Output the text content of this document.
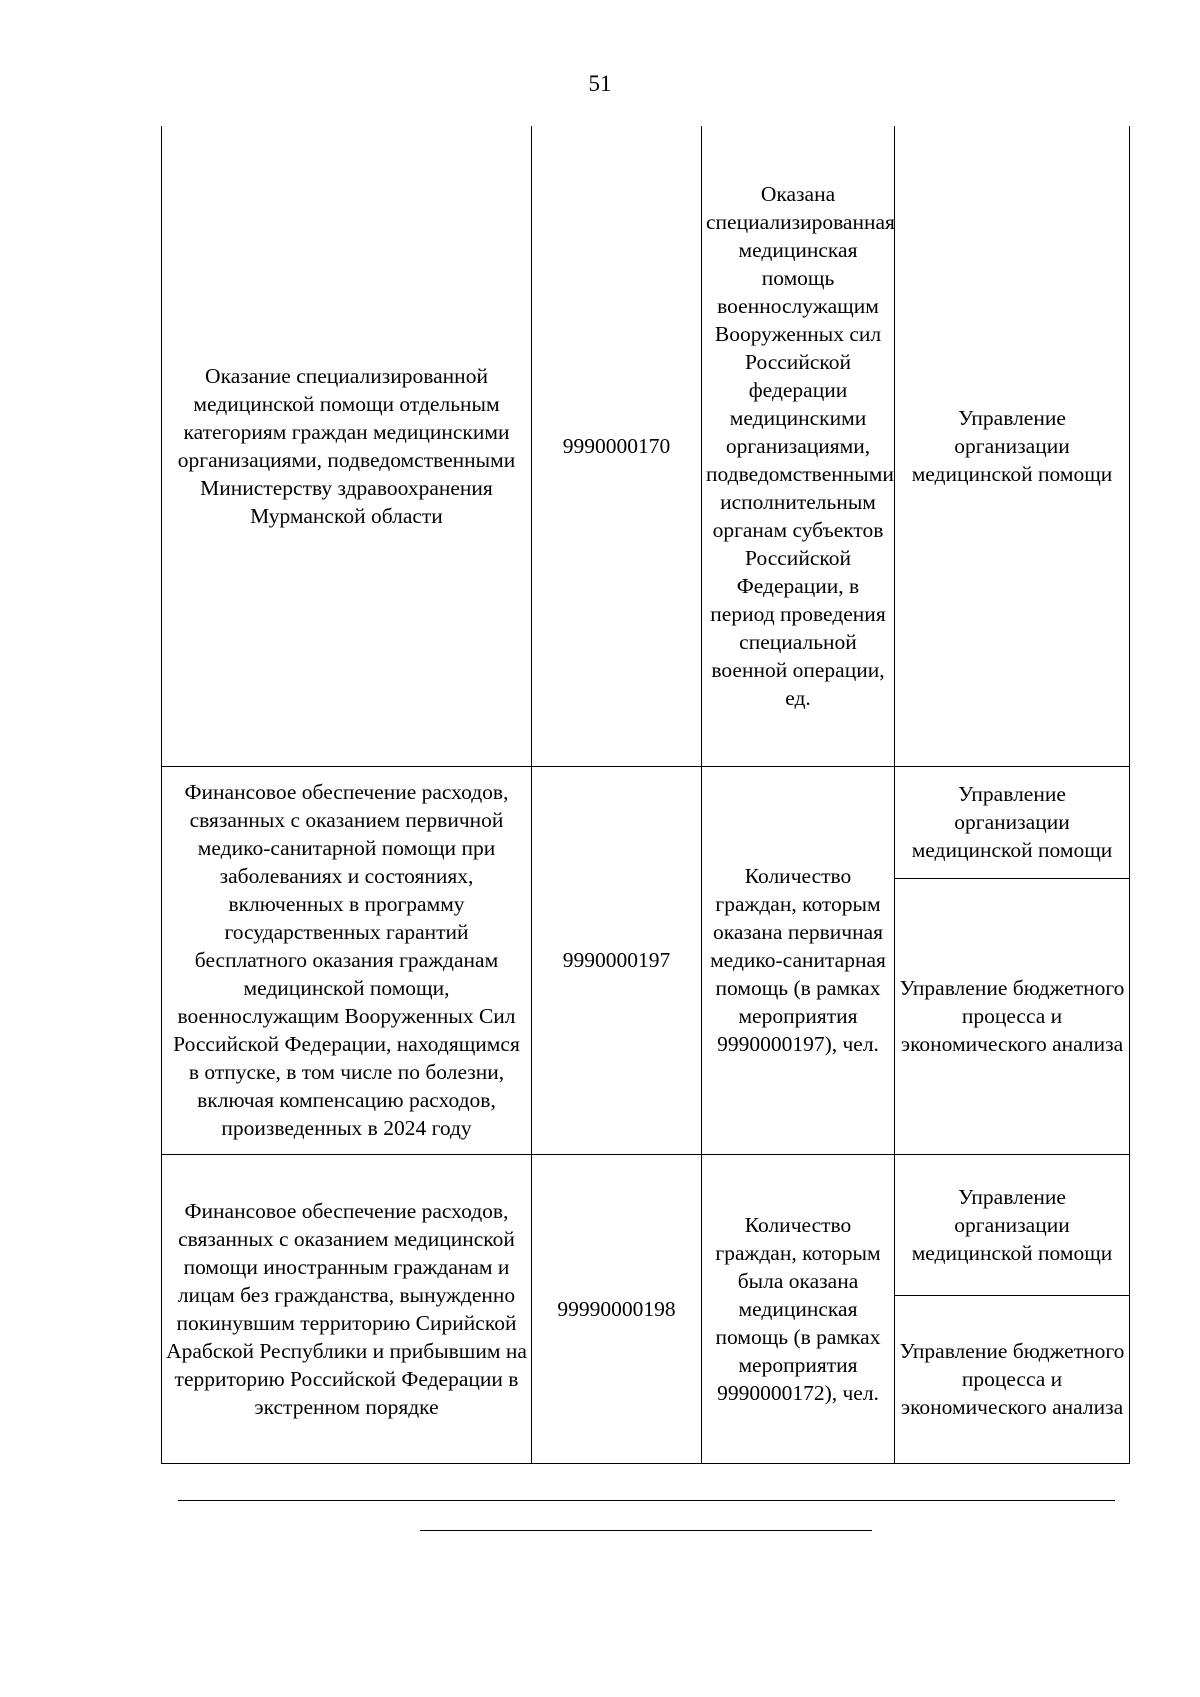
51
Оказание специализированной медицинской помощи отдельным категориям граждан медицинскими организациями, подведомственными Министерству здравоохранения Мурманской области	9990000170	Оказана специализированная медицинская помощь военнослужащим Вооруженных сил Российской федерации медицинскими организациями, подведомственными исполнительным органам субъектов Российской Федерации, в период проведения специальной военной операции, ед.	Управление организации медицинской помощи

Финансовое обеспечение расходов, связанных с оказанием первичной медико-санитарной помощи при заболеваниях и состояниях, включенных в программу государственных гарантий бесплатного оказания гражданам медицинской помощи, военнослужащим Вооруженных Сил Российской Федерации, находящимся в отпуске, в том числе по болезни, включая компенсацию расходов, произведенных в 2024 году	9990000197	Количество граждан, которым оказана первичная медико-санитарная помощь (в рамках мероприятия 9990000197), чел.	Управление организации медицинской помощи

			Управление бюджетного процесса и экономического анализа

Финансовое обеспечение расходов, связанных с оказанием медицинской помощи иностранным гражданам и лицам без гражданства, вынужденно покинувшим территорию Сирийской Арабской Республики и прибывшим на территорию Российской Федерации в экстренном порядке	99990000198	Количество граждан, которым была оказана медицинская помощь (в рамках мероприятия 9990000172), чел.	Управление организации медицинской помощи

			Управление бюджетного процесса и экономического анализа
